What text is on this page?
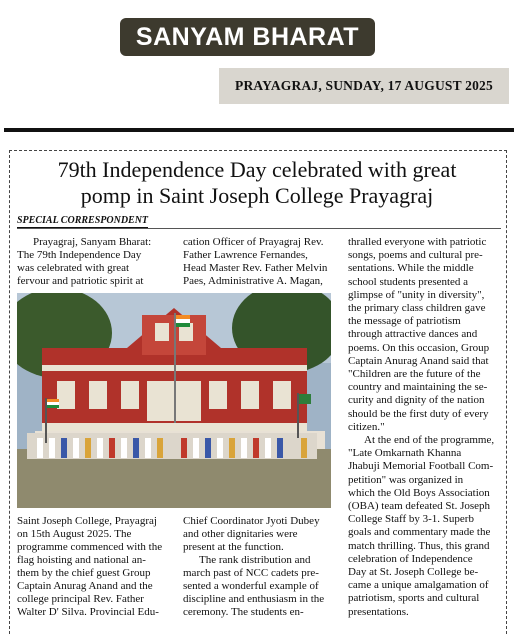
SANYAM BHARAT
PRAYAGRAJ, SUNDAY, 17 AUGUST 2025
79th Independence Day celebrated with great
pomp in Saint Joseph College Prayagraj
SPECIAL CORRESPONDENT

Prayagraj, Sanyam Bharat:

The 79th Independence Day

was celebrated with great

fervour and patriotic spirit at

cation Officer of Prayagraj Rev.

Father Lawrence Fernandes,

Head Master Rev. Father Melvin

Paes, Administrative A. Magan,

Saint Joseph College, Prayagraj

on 15th August 2025. The

programme commenced with the

flag hoisting and national an-

them by the chief guest Group

Captain Anurag Anand and the

college principal Rev. Father

Walter D' Silva. Provincial Edu-

Chief Coordinator Jyoti Dubey

and other dignitaries were

present at the function.

The rank distribution and

march past of NCC cadets pre-

sented a wonderful example of

discipline and enthusiasm in the

ceremony. The students en-

thralled everyone with patriotic

songs, poems and cultural pre-

sentations. While the middle

school students presented a

glimpse of "unity in diversity",

the primary class children gave

the message of patriotism

through attractive dances and

poems. On this occasion, Group

Captain Anurag Anand said that

"Children are the future of the

country and maintaining the se-

curity and dignity of the nation

should be the first duty of every

citizen."

At the end of the programme,

"Late Omkarnath Khanna

Jhabuji Memorial Football Com-

petition" was organized in

which the Old Boys Association

(OBA) team defeated St. Joseph

College Staff by 3-1. Superb

goals and commentary made the

match thrilling. Thus, this grand

celebration of Independence

Day at St. Joseph College be-

came a unique amalgamation of

patriotism, sports and cultural

presentations.
